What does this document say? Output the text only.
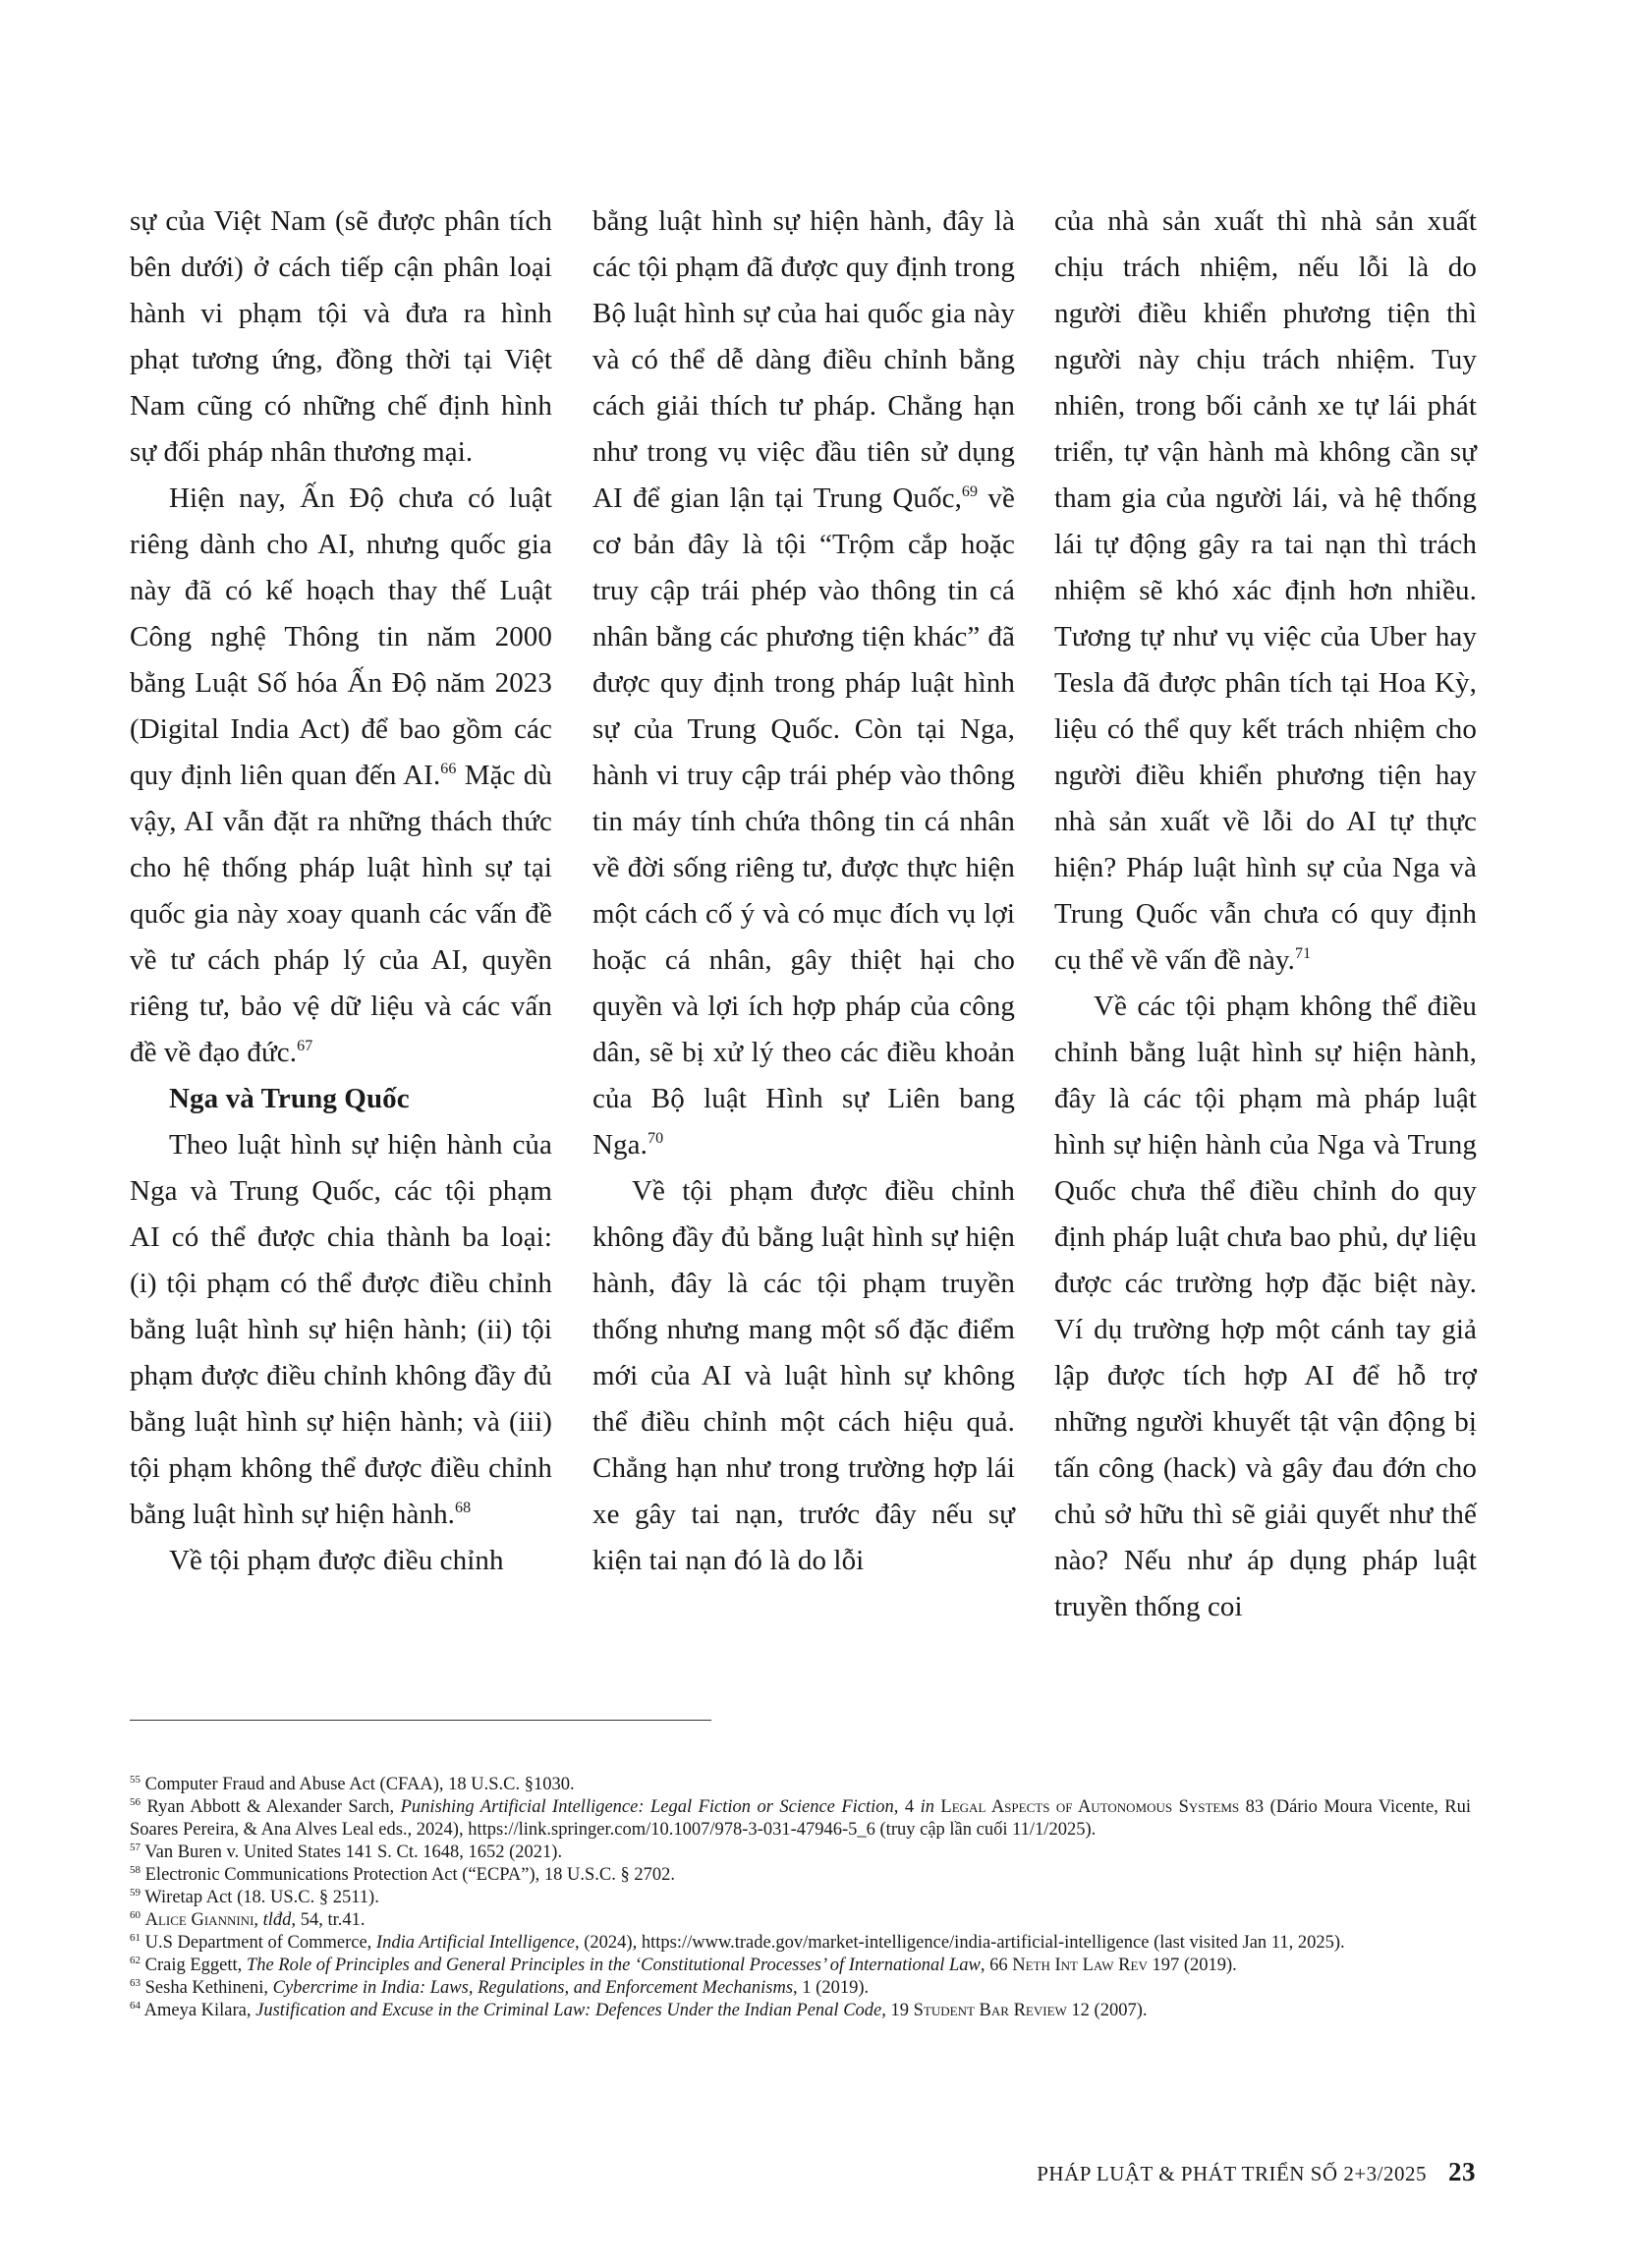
sự của Việt Nam (sẽ được phân tích bên dưới) ở cách tiếp cận phân loại hành vi phạm tội và đưa ra hình phạt tương ứng, đồng thời tại Việt Nam cũng có những chế định hình sự đối pháp nhân thương mại.

Hiện nay, Ấn Độ chưa có luật riêng dành cho AI, nhưng quốc gia này đã có kế hoạch thay thế Luật Công nghệ Thông tin năm 2000 bằng Luật Số hóa Ấn Độ năm 2023 (Digital India Act) để bao gồm các quy định liên quan đến AI.$^{66}$ Mặc dù vậy, AI vẫn đặt ra những thách thức cho hệ thống pháp luật hình sự tại quốc gia này xoay quanh các vấn đề về tư cách pháp lý của AI, quyền riêng tư, bảo vệ dữ liệu và các vấn đề về đạo đức.$^{67}$

Nga và Trung Quốc

Theo luật hình sự hiện hành của Nga và Trung Quốc, các tội phạm AI có thể được chia thành ba loại: (i) tội phạm có thể được điều chỉnh bằng luật hình sự hiện hành; (ii) tội phạm được điều chỉnh không đầy đủ bằng luật hình sự hiện hành; và (iii) tội phạm không thể được điều chỉnh bằng luật hình sự hiện hành.$^{68}$

Về tội phạm được điều chỉnh

bằng luật hình sự hiện hành, đây là các tội phạm đã được quy định trong Bộ luật hình sự của hai quốc gia này và có thể dễ dàng điều chỉnh bằng cách giải thích tư pháp. Chẳng hạn như trong vụ việc đầu tiên sử dụng AI để gian lận tại Trung Quốc,$^{69}$ về cơ bản đây là tội “Trộm cắp hoặc truy cập trái phép vào thông tin cá nhân bằng các phương tiện khác” đã được quy định trong pháp luật hình sự của Trung Quốc. Còn tại Nga, hành vi truy cập trái phép vào thông tin máy tính chứa thông tin cá nhân về đời sống riêng tư, được thực hiện một cách cố ý và có mục đích vụ lợi hoặc cá nhân, gây thiệt hại cho quyền và lợi ích hợp pháp của công dân, sẽ bị xử lý theo các điều khoản của Bộ luật Hình sự Liên bang Nga.$^{70}$

Về tội phạm được điều chỉnh không đầy đủ bằng luật hình sự hiện hành, đây là các tội phạm truyền thống nhưng mang một số đặc điểm mới của AI và luật hình sự không thể điều chỉnh một cách hiệu quả. Chẳng hạn như trong trường hợp lái xe gây tai nạn, trước đây nếu sự kiện tai nạn đó là do lỗi

của nhà sản xuất thì nhà sản xuất chịu trách nhiệm, nếu lỗi là do người điều khiển phương tiện thì người này chịu trách nhiệm. Tuy nhiên, trong bối cảnh xe tự lái phát triển, tự vận hành mà không cần sự tham gia của người lái, và hệ thống lái tự động gây ra tai nạn thì trách nhiệm sẽ khó xác định hơn nhiều. Tương tự như vụ việc của Uber hay Tesla đã được phân tích tại Hoa Kỳ, liệu có thể quy kết trách nhiệm cho người điều khiển phương tiện hay nhà sản xuất về lỗi do AI tự thực hiện? Pháp luật hình sự của Nga và Trung Quốc vẫn chưa có quy định cụ thể về vấn đề này.$^{71}$

Về các tội phạm không thể điều chỉnh bằng luật hình sự hiện hành, đây là các tội phạm mà pháp luật hình sự hiện hành của Nga và Trung Quốc chưa thể điều chỉnh do quy định pháp luật chưa bao phủ, dự liệu được các trường hợp đặc biệt này. Ví dụ trường hợp một cánh tay giả lập được tích hợp AI để hỗ trợ những người khuyết tật vận động bị tấn công (hack) và gây đau đớn cho chủ sở hữu thì sẽ giải quyết như thế nào? Nếu như áp dụng pháp luật truyền thống coi

$^{55}$ Computer Fraud and Abuse Act (CFAA), 18 U.S.C. §1030.

$^{56}$ Ryan Abbott & Alexander Sarch, Punishing Artificial Intelligence: Legal Fiction or Science Fiction, 4 in Legal Aspects of Autonomous Systems 83 (Dário Moura Vicente, Rui Soares Pereira, & Ana Alves Leal eds., 2024), https://link.springer.com/10.1007/978-3-031-47946-5_6 (truy cập lần cuối 11/1/2025).

$^{57}$ Van Buren v. United States 141 S. Ct. 1648, 1652 (2021).

$^{58}$ Electronic Communications Protection Act (“ECPA”), 18 U.S.C. § 2702.

$^{59}$ Wiretap Act (18. US.C. § 2511).

$^{60}$ Alice Giannini, tlđd, 54, tr.41.

$^{61}$ U.S Department of Commerce, India Artificial Intelligence, (2024), https://www.trade.gov/market-intelligence/india-artificial-intelligence (last visited Jan 11, 2025).

$^{62}$ Craig Eggett, The Role of Principles and General Principles in the ‘Constitutional Processes’ of International Law, 66 Neth Int Law Rev 197 (2019).

$^{63}$ Sesha Kethineni, Cybercrime in India: Laws, Regulations, and Enforcement Mechanisms, 1 (2019).

$^{64}$ Ameya Kilara, Justification and Excuse in the Criminal Law: Defences Under the Indian Penal Code, 19 Student Bar Review 12 (2007).

PHÁP LUẬT & PHÁT TRIỂN SỐ 2+3/2025 23
